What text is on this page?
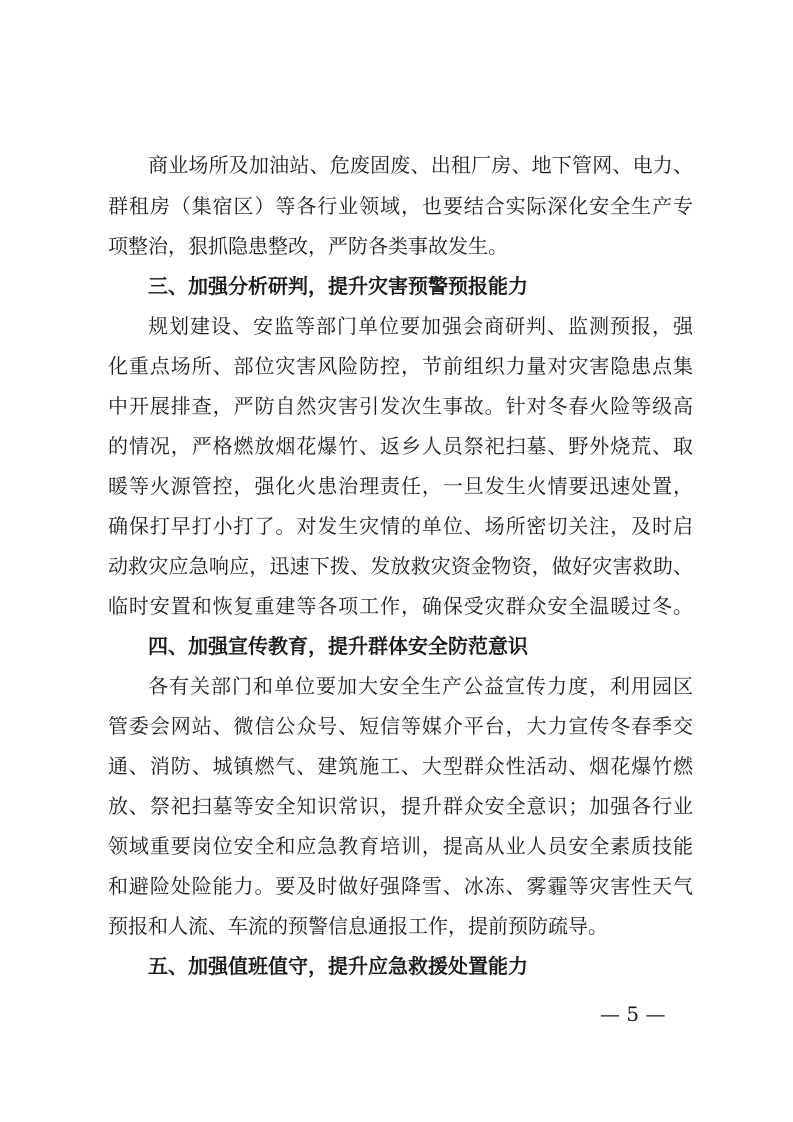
商业场所及加油站、危废固废、出租厂房、地下管网、电力、
群租房（集宿区）等各行业领域，也要结合实际深化安全生产专
项整治，狠抓隐患整改，严防各类事故发生。
三、加强分析研判，提升灾害预警预报能力
规划建设、安监等部门单位要加强会商研判、监测预报，强
化重点场所、部位灾害风险防控，节前组织力量对灾害隐患点集
中开展排查，严防自然灾害引发次生事故。针对冬春火险等级高
的情况，严格燃放烟花爆竹、返乡人员祭祀扫墓、野外烧荒、取
暖等火源管控，强化火患治理责任，一旦发生火情要迅速处置，
确保打早打小打了。对发生灾情的单位、场所密切关注，及时启
动救灾应急响应，迅速下拨、发放救灾资金物资，做好灾害救助、
临时安置和恢复重建等各项工作，确保受灾群众安全温暖过冬。
四、加强宣传教育，提升群体安全防范意识
各有关部门和单位要加大安全生产公益宣传力度，利用园区
管委会网站、微信公众号、短信等媒介平台，大力宣传冬春季交
通、消防、城镇燃气、建筑施工、大型群众性活动、烟花爆竹燃
放、祭祀扫墓等安全知识常识，提升群众安全意识；加强各行业
领域重要岗位安全和应急教育培训，提高从业人员安全素质技能
和避险处险能力。要及时做好强降雪、冰冻、雾霾等灾害性天气
预报和人流、车流的预警信息通报工作，提前预防疏导。
五、加强值班值守，提升应急救援处置能力
— 5 —
